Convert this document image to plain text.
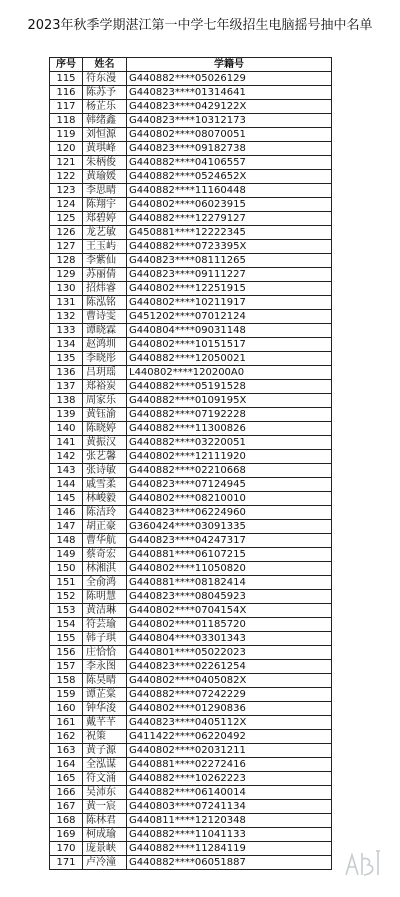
2023年秋季学期湛江第一中学七年级招生电脑摇号抽中名单
序号	姓名	学籍号
115	符东漫	G440882****05026129
116	陈苏予	G440823****01314641
117	杨芷乐	G440823****0429122X
118	韩绪鑫	G440823****10312173
119	刘恒源	G440802****08070051
120	黄琪峰	G440823****09182738
121	朱柄俊	G440882****04106557
122	黄瑜媛	G440882****0524652X
123	李思晴	G440882****11160448
124	陈翔宇	G440802****06023915
125	郑碧婷	G440882****12279127
126	龙艺敏	G450881****12222345
127	王玉屿	G440882****0723395X
128	李紫仙	G440823****08111265
129	苏丽倩	G440823****09111227
130	招炜睿	G440802****12251915
131	陈泓铭	G440802****10211917
132	曹诗雯	G451202****07012124
133	谭晓霖	G440804****09031148
134	赵鸿圳	G440802****10151517
135	李晓彤	G440882****12050021
136	吕玥瑶	L440802****120200A0
137	郑裕炭	G440882****05191528
138	周家乐	G440882****0109195X
139	黄钰渝	G440882****07192228
140	陈晓婷	G440882****11300826
141	黄振汉	G440882****03220051
142	张艺馨	G440802****12111920
143	张诗敏	G440882****02210668
144	戚雪柔	G440823****07124945
145	林峻毅	G440802****08210010
146	陈洁玲	G440823****06224960
147	胡正豪	G360424****03091335
148	曹华航	G440823****04247317
149	蔡奇宏	G440881****06107215
150	林湘淇	G440802****11050820
151	全俞鸿	G440881****08182414
152	陈明慧	G440823****08045923
153	黄洁琳	G440802****0704154X
154	符芸瑜	G440802****01185720
155	韩子琪	G440804****03301343
156	庄恰恰	G440801****05022023
157	李永图	G440823****02261254
158	陈昊晴	G440802****0405082X
159	谭芷棠	G440882****07242229
160	钟华浚	G440802****01290836
161	戴芊芊	G440823****0405112X
162	祝策	G411422****06220492
163	黄子源	G440802****02031211
164	全泓谋	G440881****02272416
165	符文涌	G440882****10262223
166	吴沛东	G440882****06140014
167	黄一宸	G440803****07241134
168	陈林君	G440811****12120348
169	柯成瑜	G440882****11041133
170	庞景峡	G440882****11284119
171	卢冷潼	G440882****06051887
